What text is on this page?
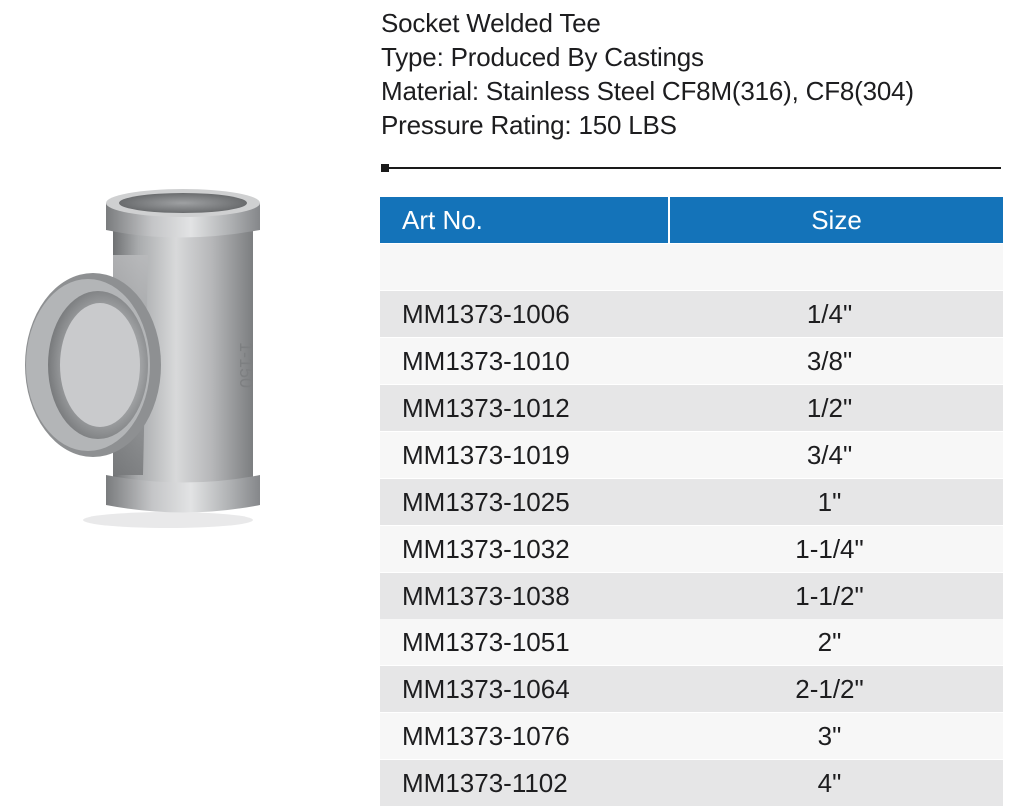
1-150
Socket Welded Tee
Type: Produced By Castings
Material: Stainless Steel CF8M(316), CF8(304)
Pressure Rating: 150 LBS
Art No.	Size
MM1373-1006	1/4"
MM1373-1010	3/8"
MM1373-1012	1/2"
MM1373-1019	3/4"
MM1373-1025	1"
MM1373-1032	1-1/4"
MM1373-1038	1-1/2"
MM1373-1051	2"
MM1373-1064	2-1/2"
MM1373-1076	3"
MM1373-1102	4"
